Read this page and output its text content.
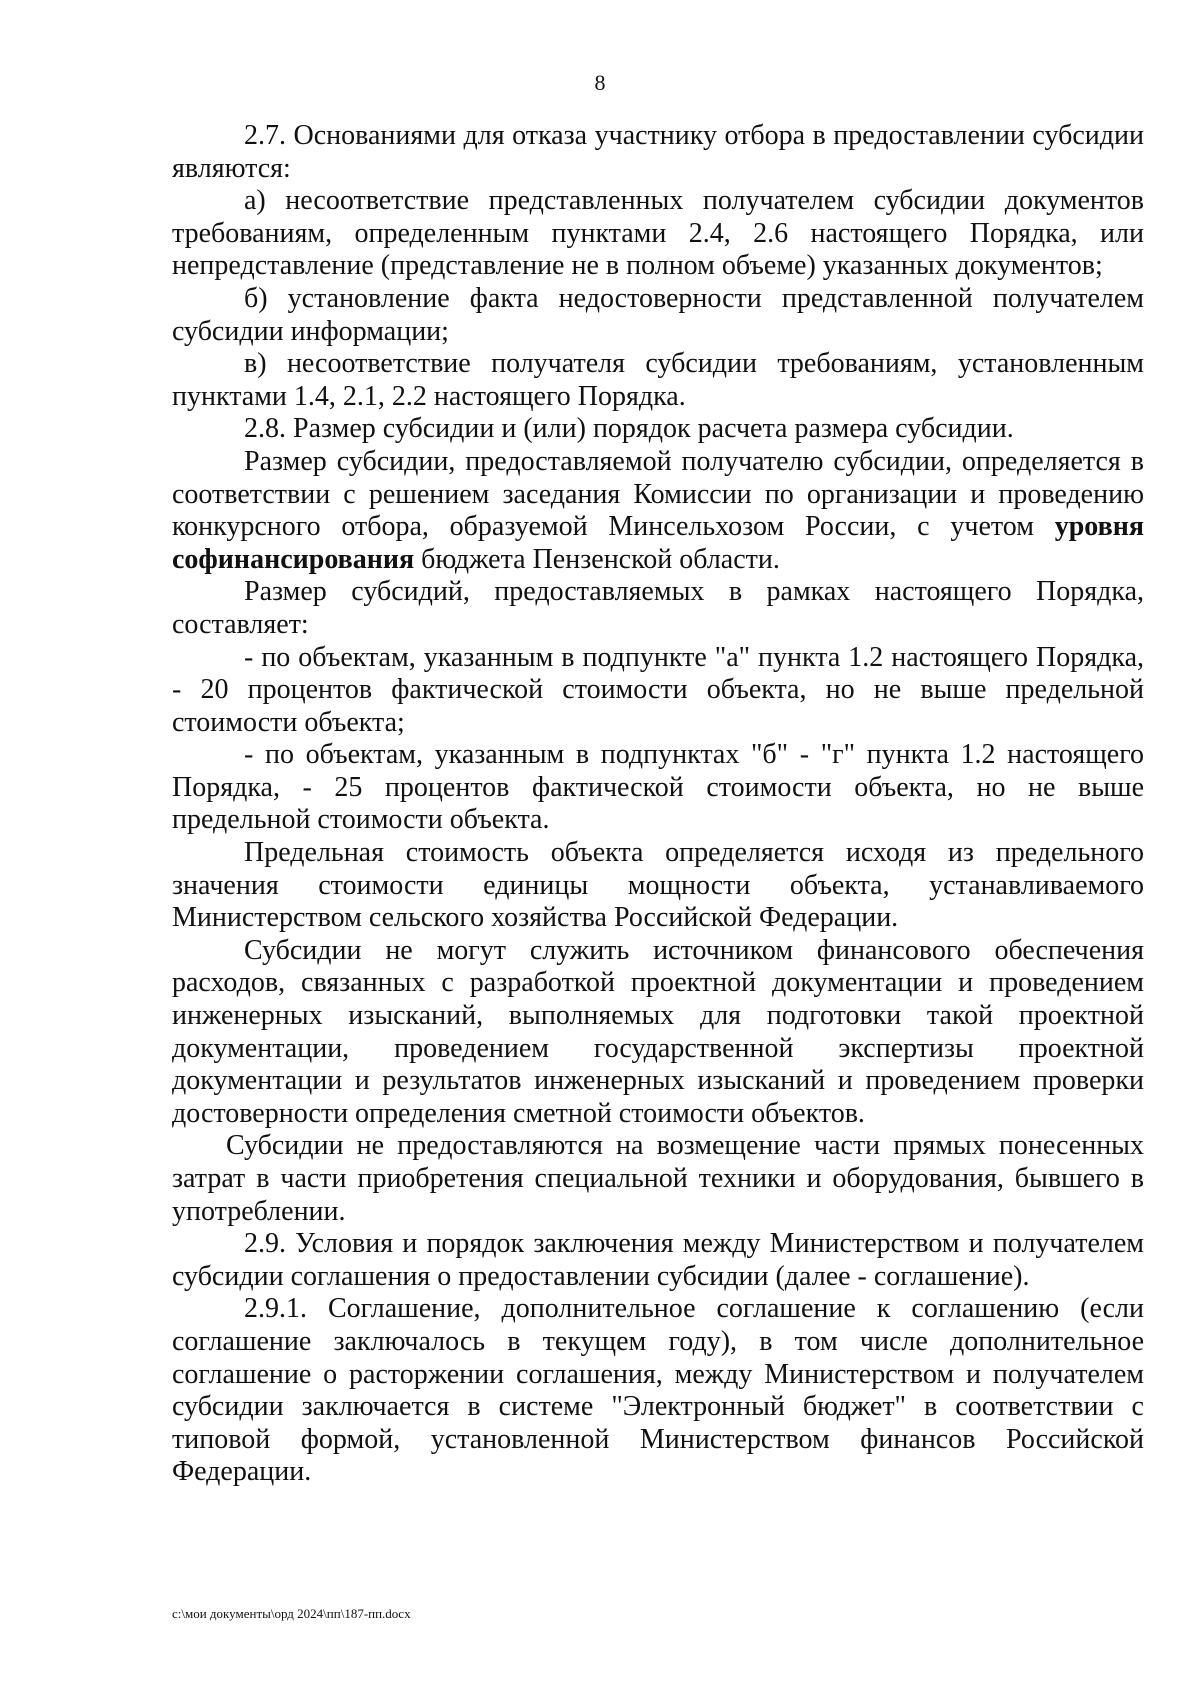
8

2.7. Основаниями для отказа участнику отбора в предоставлении субсидии являются:

а) несоответствие представленных получателем субсидии документов требованиям, определенным пунктами 2.4, 2.6 настоящего Порядка, или непредставление (представление не в полном объеме) указанных документов;

б) установление факта недостоверности представленной получателем субсидии информации;

в) несоответствие получателя субсидии требованиям, установленным пунктами 1.4, 2.1, 2.2 настоящего Порядка.

2.8. Размер субсидии и (или) порядок расчета размера субсидии.

Размер субсидии, предоставляемой получателю субсидии, определяется в соответствии с решением заседания Комиссии по организации и проведению конкурсного отбора, образуемой Минсельхозом России, с учетом уровня софинансирования бюджета Пензенской области.

Размер субсидий, предоставляемых в рамках настоящего Порядка, составляет:

- по объектам, указанным в подпункте "а" пункта 1.2 настоящего Порядка, - 20 процентов фактической стоимости объекта, но не выше предельной стоимости объекта;

- по объектам, указанным в подпунктах "б" - "г" пункта 1.2 настоящего Порядка, - 25 процентов фактической стоимости объекта, но не выше предельной стоимости объекта.

Предельная стоимость объекта определяется исходя из предельного значения стоимости единицы мощности объекта, устанавливаемого Министерством сельского хозяйства Российской Федерации.

Субсидии не могут служить источником финансового обеспечения расходов, связанных с разработкой проектной документации и проведением инженерных изысканий, выполняемых для подготовки такой проектной документации, проведением государственной экспертизы проектной документации и результатов инженерных изысканий и проведением проверки достоверности определения сметной стоимости объектов.

Субсидии не предоставляются на возмещение части прямых понесенных затрат в части приобретения специальной техники и оборудования, бывшего в употреблении.

2.9. Условия и порядок заключения между Министерством и получателем субсидии соглашения о предоставлении субсидии (далее - соглашение).

2.9.1. Соглашение, дополнительное соглашение к соглашению (если соглашение заключалось в текущем году), в том числе дополнительное соглашение о расторжении соглашения, между Министерством и получателем субсидии заключается в системе "Электронный бюджет" в соответствии с типовой формой, установленной Министерством финансов Российской Федерации.

c:\мои документы\орд 2024\пп\187-пп.docx
